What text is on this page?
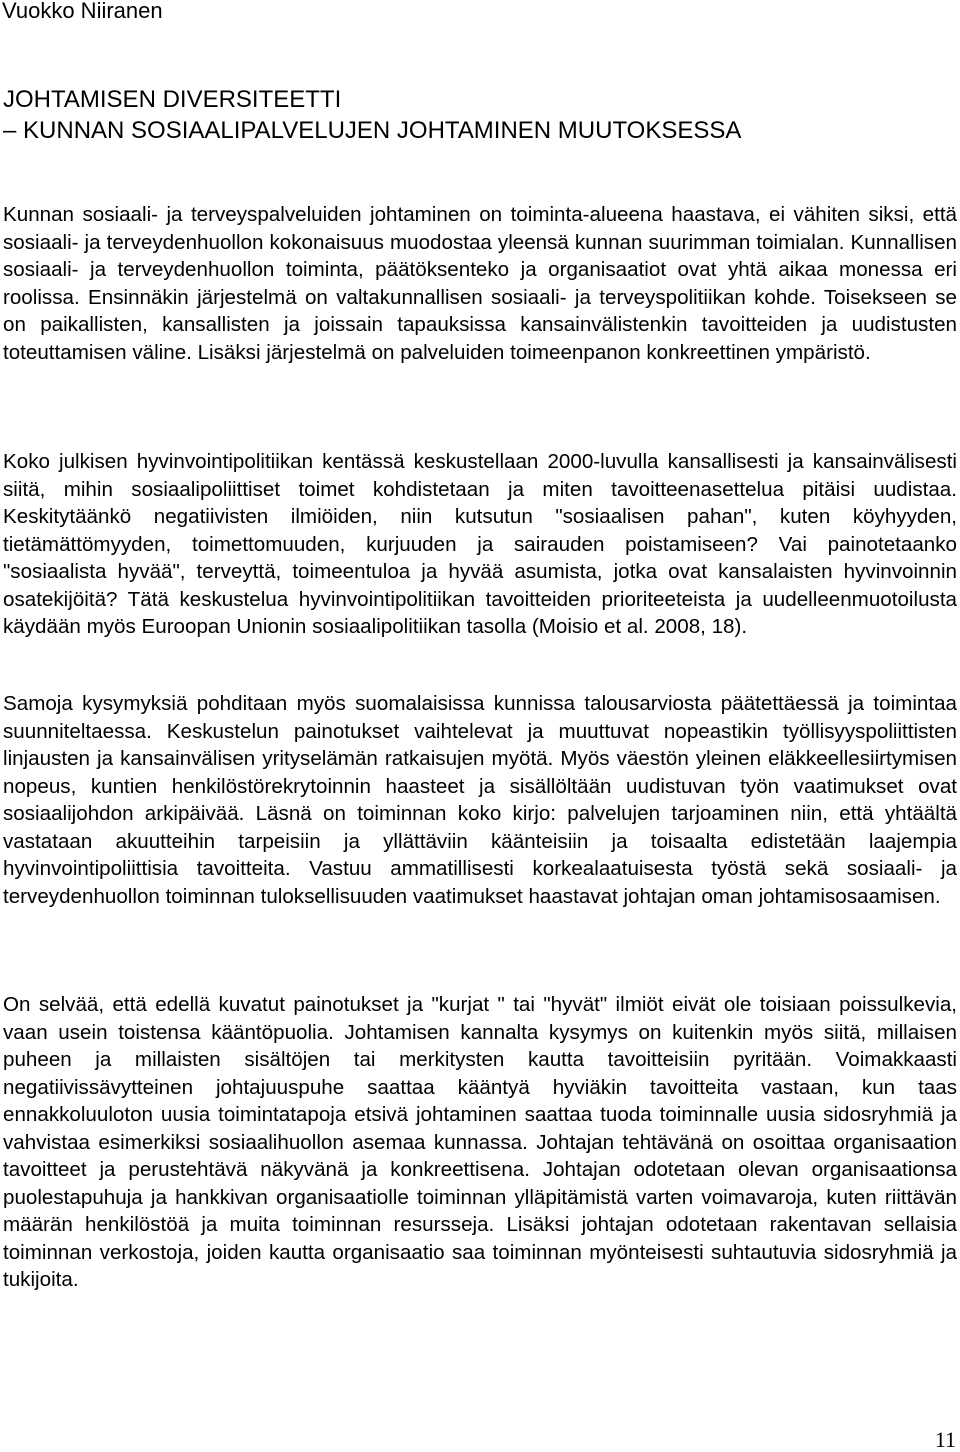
Vuokko Niiranen
JOHTAMISEN DIVERSITEETTI
– KUNNAN SOSIAALIPALVELUJEN JOHTAMINEN MUUTOKSESSA

Kunnan sosiaali- ja terveyspalveluiden johtaminen on toiminta-alueena haastava, ei vähiten siksi, että sosiaali- ja terveydenhuollon kokonaisuus muodostaa yleensä kunnan suurimman toimialan. Kunnallisen sosiaali- ja terveydenhuollon toiminta, päätöksenteko ja organisaatiot ovat yhtä aikaa monessa eri roolissa. Ensinnäkin järjestelmä on valtakunnallisen sosiaali- ja terveyspolitiikan kohde. Toisekseen se on paikallisten, kansallisten ja joissain tapauksissa kansainvälistenkin tavoitteiden ja uudistusten toteuttamisen väline. Lisäksi järjestelmä on palveluiden toimeenpanon konkreettinen ympäristö.

Koko julkisen hyvinvointipolitiikan kentässä keskustellaan 2000-luvulla kansallisesti ja kansainvälisesti siitä, mihin sosiaalipoliittiset toimet kohdistetaan ja miten tavoitteenasettelua pitäisi uudistaa. Keskitytäänkö negatiivisten ilmiöiden, niin kutsutun "sosiaalisen pahan", kuten köyhyyden, tietämättömyyden, toimettomuuden, kurjuuden ja sairauden poistamiseen? Vai painotetaanko "sosiaalista hyvää", terveyttä, toimeentuloa ja hyvää asumista, jotka ovat kansalaisten hyvinvoinnin osatekijöitä? Tätä keskustelua hyvinvointipolitiikan tavoitteiden prioriteeteista ja uudelleenmuotoilusta käydään myös Euroopan Unionin sosiaalipolitiikan tasolla (Moisio et al. 2008, 18).

Samoja kysymyksiä pohditaan myös suomalaisissa kunnissa talousarviosta päätettäessä ja toimintaa suunniteltaessa. Keskustelun painotukset vaihtelevat ja muuttuvat nopeastikin työllisyyspoliittisten linjausten ja kansainvälisen yrityselämän ratkaisujen myötä. Myös väestön yleinen eläkkeellesiirtymisen nopeus, kuntien henkilöstörekrytoinnin haasteet ja sisällöltään uudistuvan työn vaatimukset ovat sosiaalijohdon arkipäivää. Läsnä on toiminnan koko kirjo: palvelujen tarjoaminen niin, että yhtäältä vastataan akuutteihin tarpeisiin ja yllättäviin käänteisiin ja toisaalta edistetään laajempia hyvinvointipoliittisia tavoitteita. Vastuu ammatillisesti korkealaatuisesta työstä sekä sosiaali- ja terveydenhuollon toiminnan tuloksellisuuden vaatimukset haastavat johtajan oman johtamisosaamisen.

On selvää, että edellä kuvatut painotukset ja "kurjat " tai "hyvät" ilmiöt eivät ole toisiaan poissulkevia, vaan usein toistensa kääntöpuolia. Johtamisen kannalta kysymys on kuitenkin myös siitä, millaisen puheen ja millaisten sisältöjen tai merkitysten kautta tavoitteisiin pyritään. Voimakkaasti negatiivissävytteinen johtajuuspuhe saattaa kääntyä hyviäkin tavoitteita vastaan, kun taas ennakkoluuloton uusia toimintatapoja etsivä johtaminen saattaa tuoda toiminnalle uusia sidosryhmiä ja vahvistaa esimerkiksi sosiaalihuollon asemaa kunnassa. Johtajan tehtävänä on osoittaa organisaation tavoitteet ja perustehtävä näkyvänä ja konkreettisena. Johtajan odotetaan olevan organisaationsa puolestapuhuja ja hankkivan organisaatiolle toiminnan ylläpitämistä varten voimavaroja, kuten riittävän määrän henkilöstöä ja muita toiminnan resursseja. Lisäksi johtajan odotetaan rakentavan sellaisia toiminnan verkostoja, joiden kautta organisaatio saa toiminnan myönteisesti suhtautuvia sidosryhmiä ja tukijoita.

11
